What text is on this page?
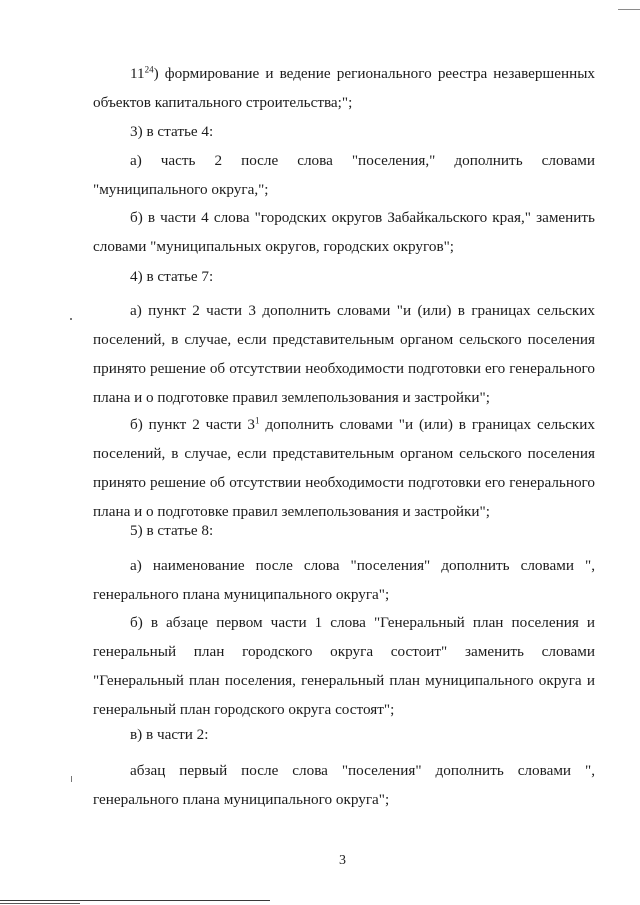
$11^{24}$) формирование и ведение регионального реестра незавершенных объектов капитального строительства;";

3) в статье 4:

а) часть 2 после слова "поселения," дополнить словами "муниципального округа,";

б) в части 4 слова "городских округов Забайкальского края," заменить словами "муниципальных округов, городских округов";

4) в статье 7:

а) пункт 2 части 3 дополнить словами "и (или) в границах сельских поселений, в случае, если представительным органом сельского поселения принято решение об отсутствии необходимости подготовки его генерального плана и о подготовке правил землепользования и застройки";

б) пункт 2 части $3^1$ дополнить словами "и (или) в границах сельских поселений, в случае, если представительным органом сельского поселения принято решение об отсутствии необходимости подготовки его генерального плана и о подготовке правил землепользования и застройки";

5) в статье 8:

а) наименование после слова "поселения" дополнить словами ", генерального плана муниципального округа";

б) в абзаце первом части 1 слова "Генеральный план поселения и генеральный план городского округа состоит" заменить словами "Генеральный план поселения, генеральный план муниципального округа и генеральный план городского округа состоят";

в) в части 2:

абзац первый после слова "поселения" дополнить словами ", генерального плана муниципального округа";

3
